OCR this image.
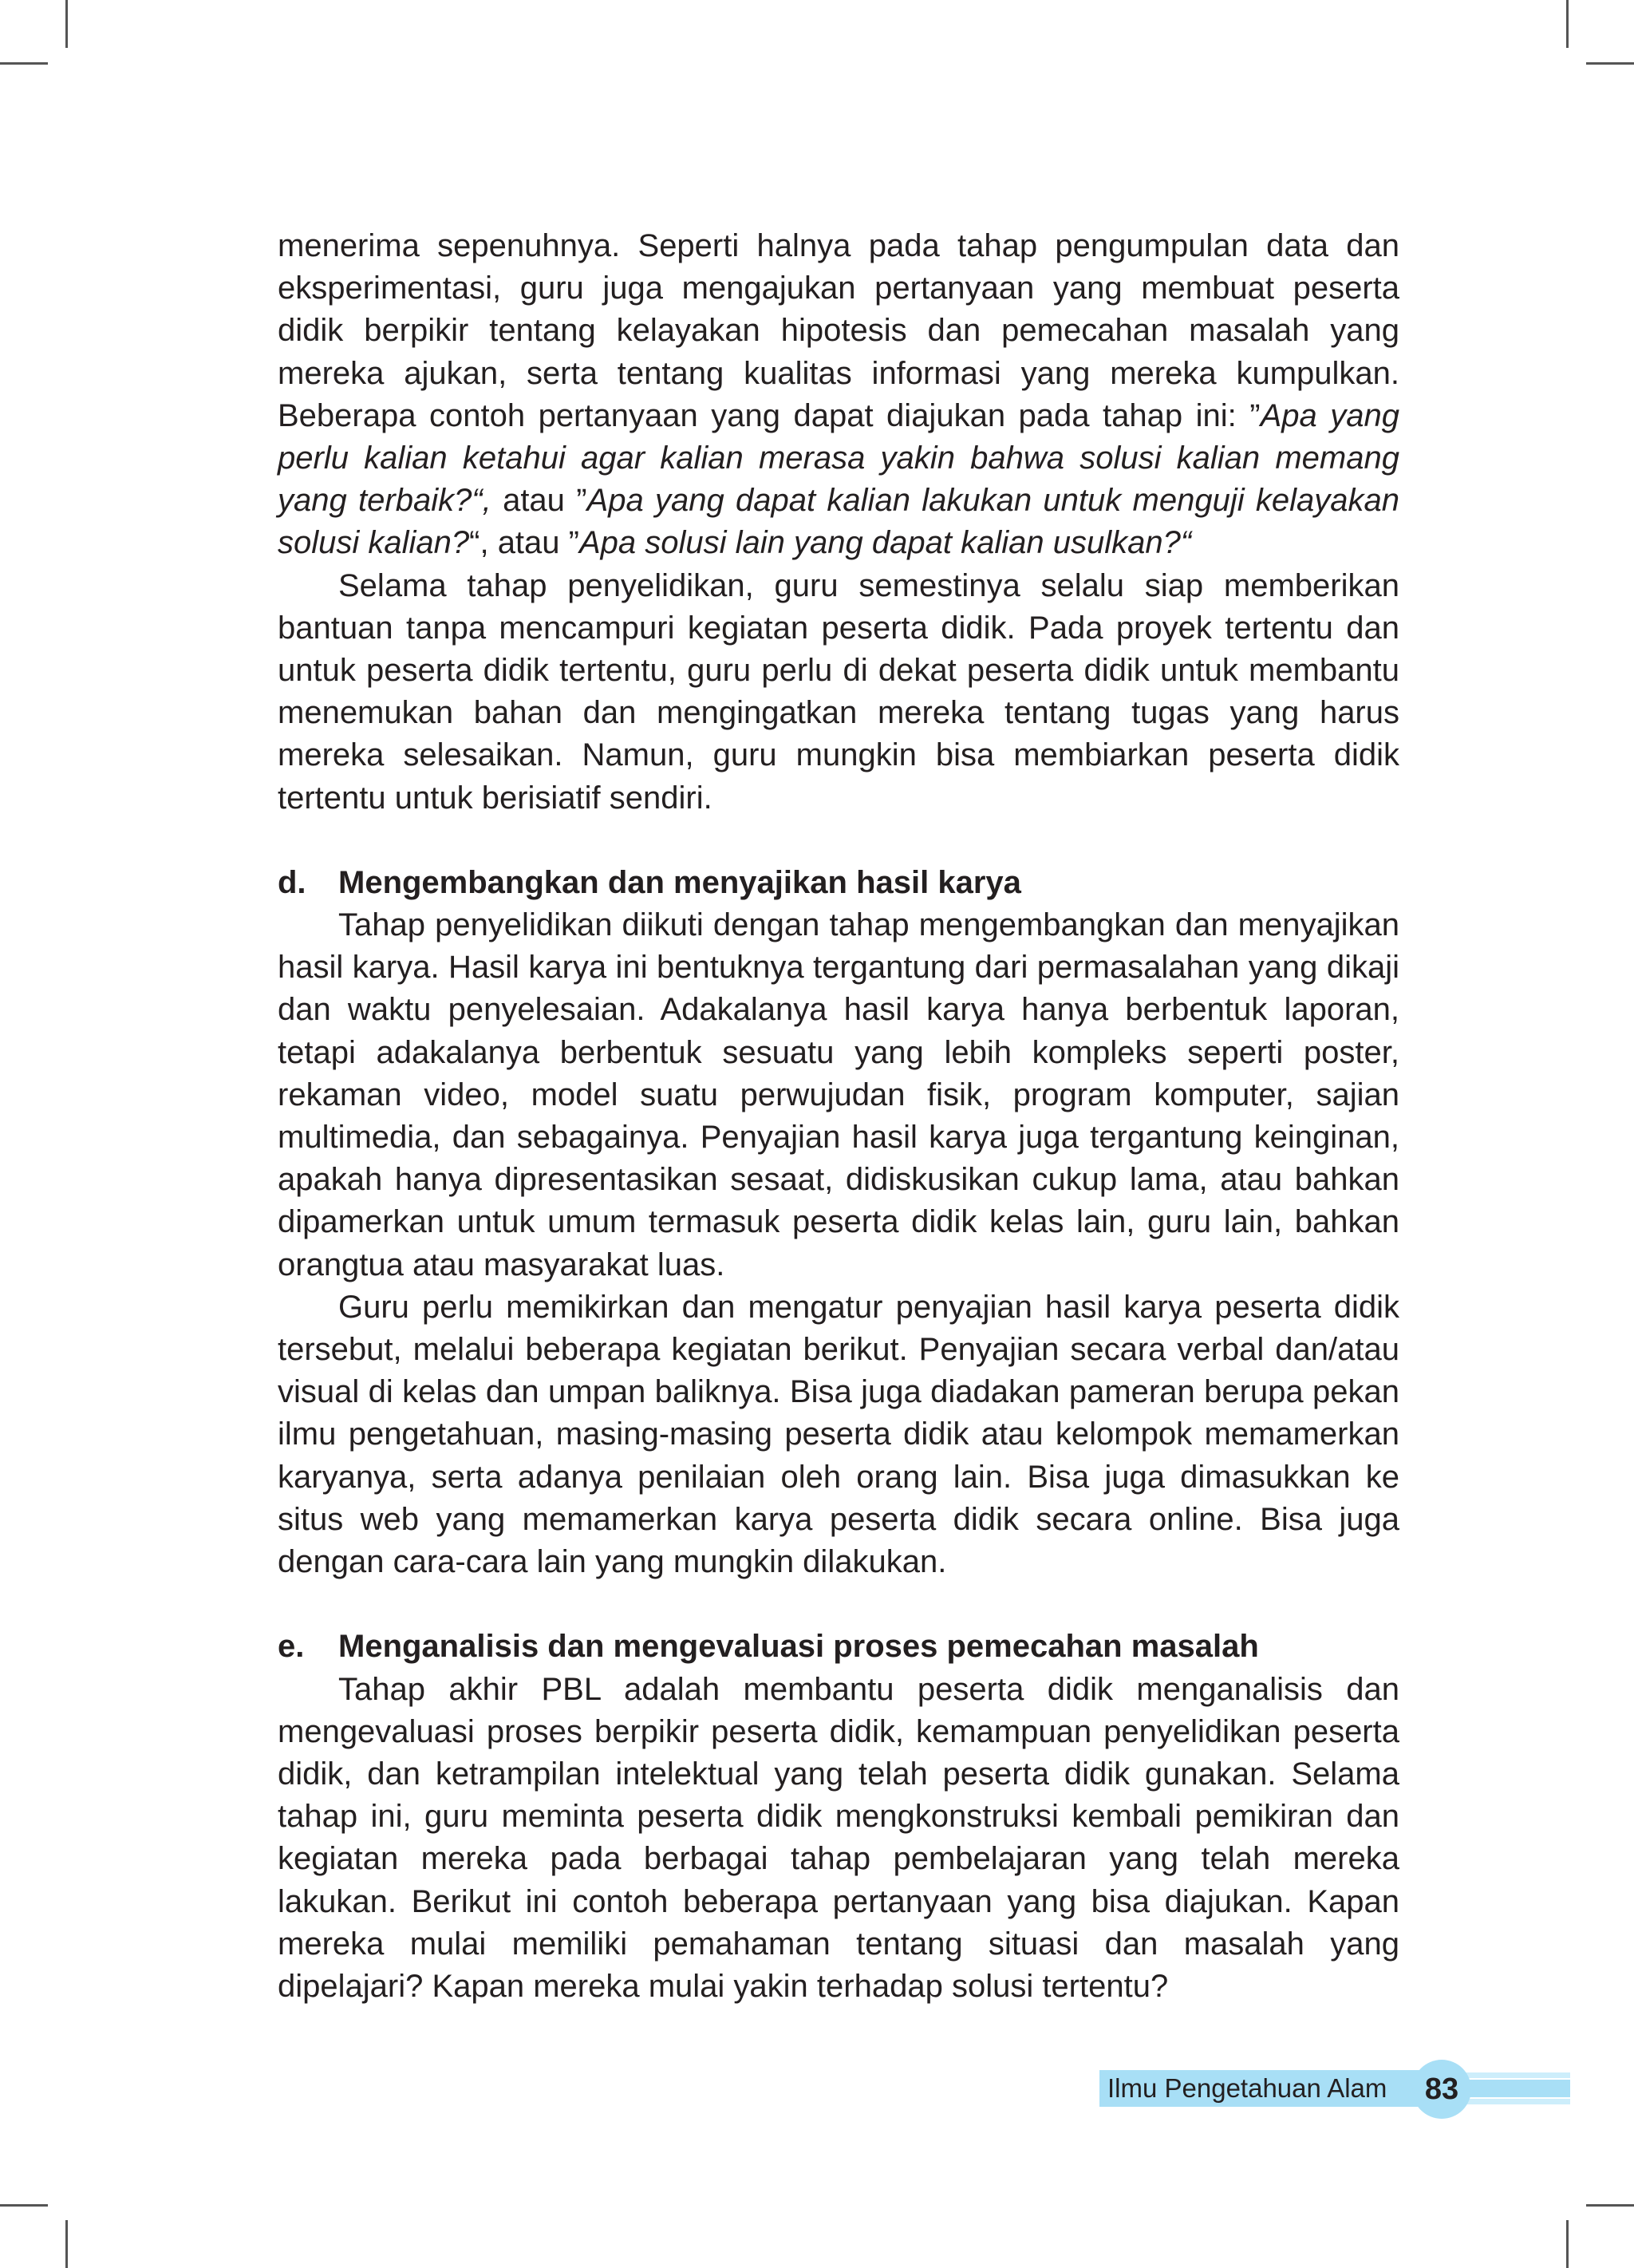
menerima sepenuhnya. Seperti halnya pada tahap pengumpulan data dan eksperimentasi, guru juga mengajukan pertanyaan yang membuat peserta didik berpikir tentang kelayakan hipotesis dan pemecahan masalah yang mereka ajukan, serta tentang kualitas informasi yang mereka kumpulkan. Beberapa contoh pertanyaan yang dapat diajukan pada tahap ini: ”Apa yang perlu kalian ketahui agar kalian merasa yakin bahwa solusi kalian memang yang terbaik?“, atau ”Apa yang dapat kalian lakukan untuk menguji kelayakan solusi kalian?“, atau ”Apa solusi lain yang dapat kalian usulkan?“

Selama tahap penyelidikan, guru semestinya selalu siap memberikan bantuan tanpa mencampuri kegiatan peserta didik. Pada proyek tertentu dan untuk peserta didik tertentu, guru perlu di dekat peserta didik untuk membantu menemukan bahan dan mengingatkan mereka tentang tugas yang harus mereka selesaikan. Namun, guru mungkin bisa membiarkan peserta didik tertentu untuk berisiatif sendiri.

d.	Mengembangkan dan menyajikan hasil karya

Tahap penyelidikan diikuti dengan tahap mengembangkan dan menyajikan hasil karya. Hasil karya ini bentuknya tergantung dari permasalahan yang dikaji dan waktu penyelesaian. Adakalanya hasil karya hanya berbentuk laporan, tetapi adakalanya berbentuk sesuatu yang lebih kompleks seperti poster, rekaman video, model suatu perwujudan fisik, program komputer, sajian multimedia, dan sebagainya. Penyajian hasil karya juga tergantung keinginan, apakah hanya dipresentasikan sesaat, didiskusikan cukup lama, atau bahkan dipamerkan untuk umum termasuk peserta didik kelas lain, guru lain, bahkan orangtua atau masyarakat luas.

Guru perlu memikirkan dan mengatur penyajian hasil karya peserta didik tersebut, melalui beberapa kegiatan berikut. Penyajian secara verbal dan/atau visual di kelas dan umpan baliknya. Bisa juga diadakan pameran berupa pekan ilmu pengetahuan, masing-masing peserta didik atau kelompok memamerkan karyanya, serta adanya penilaian oleh orang lain. Bisa juga dimasukkan ke situs web yang memamerkan karya peserta didik secara online. Bisa juga dengan cara-cara lain yang mungkin dilakukan.

e.	Menganalisis dan mengevaluasi proses pemecahan masalah

Tahap akhir PBL adalah membantu peserta didik menganalisis dan mengevaluasi proses berpikir peserta didik, kemampuan penyelidikan peserta didik, dan ketrampilan intelektual yang telah peserta didik gunakan. Selama tahap ini, guru meminta peserta didik mengkonstruksi kembali pemikiran dan kegiatan mereka pada berbagai tahap pembelajaran yang telah mereka lakukan. Berikut ini contoh beberapa pertanyaan yang bisa diajukan. Kapan mereka mulai memiliki pemahaman tentang situasi dan masalah yang dipelajari? Kapan mereka mulai yakin terhadap solusi tertentu?

Ilmu Pengetahuan Alam	83
